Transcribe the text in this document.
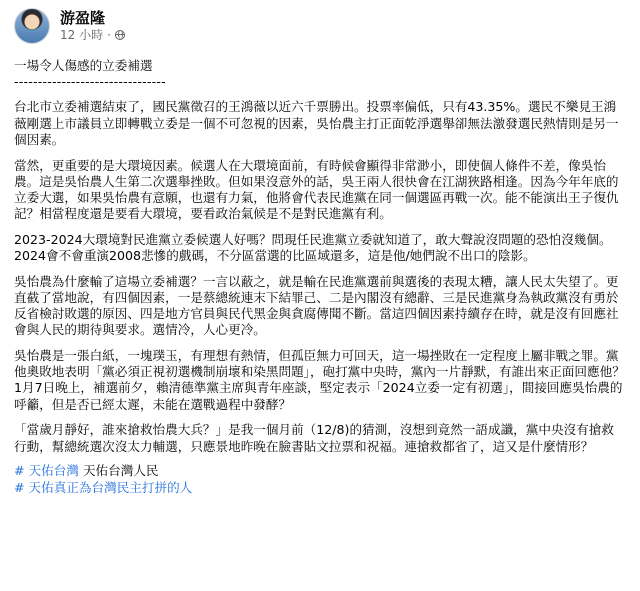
游盈隆
12 小時 ·

一場令人傷感的立委補選

--------------------------------

台北市立委補選結束了，國民黨徵召的王鴻薇以近六千票勝出。投票率偏低，只有43.35%。選民不樂見王鴻薇剛選上市議員立即轉戰立委是一個不可忽視的因素，吳怡農主打正面乾淨選舉卻無法激發選民熱情則是另一個因素。

當然，更重要的是大環境因素。候選人在大環境面前，有時候會顯得非常渺小，即使個人條件不差，像吳怡農。這是吳怡農人生第二次選舉挫敗。但如果沒意外的話，吳王兩人很快會在江湖狹路相逢。因為今年年底的立委大選，如果吳怡農有意願，也還有力氣，他將會代表民進黨在同一個選區再戰一次。能不能演出王子復仇記？相當程度還是要看大環境，要看政治氣候是不是對民進黨有利。

2023-2024大環境對民進黨立委候選人好嗎？問現任民進黨立委就知道了，敢大聲說沒問題的恐怕沒幾個。2024會不會重演2008悲慘的戲碼，不分區當選的比區域還多，這是他/她們說不出口的陰影。

吳怡農為什麼輸了這場立委補選？一言以蔽之，就是輸在民進黨選前與選後的表現太糟，讓人民太失望了。更直截了當地說，有四個因素，一是蔡總統連末下結罪己、二是內閣沒有總辭、三是民進黨身為執政黨沒有勇於反省檢討敗選的原因、四是地方官員與民代黑金與貪腐傳聞不斷。當這四個因素持續存在時，就是沒有回應社會與人民的期待與要求。選情冷，人心更冷。

吳怡農是一張白紙，一塊璞玉，有理想有熱情，但孤臣無力可回天，這一場挫敗在一定程度上屬非戰之罪。黨他奧敗地表明「黨必須正視初選機制崩壞和染黑問題」，砲打黨中央時，黨內一片靜默，有誰出來正面回應他？1月7日晚上，補選前夕，賴清德準黨主席與青年座談，堅定表示「2024立委一定有初選」，間接回應吳怡農的呼籲，但是否已經太遲，未能在選戰過程中發酵？

「當歲月靜好，誰來搶救怡農大兵？」是我一個月前（12/8)的猜測，沒想到竟然一語成讖，黨中央沒有搶救行動，幫總統選次沒太力輔選，只應景地昨晚在臉書貼文拉票和祝福。連搶救都省了，這又是什麼情形？

# 天佑台灣 天佑台灣人民
# 天佑真正為台灣民主打拼的人
